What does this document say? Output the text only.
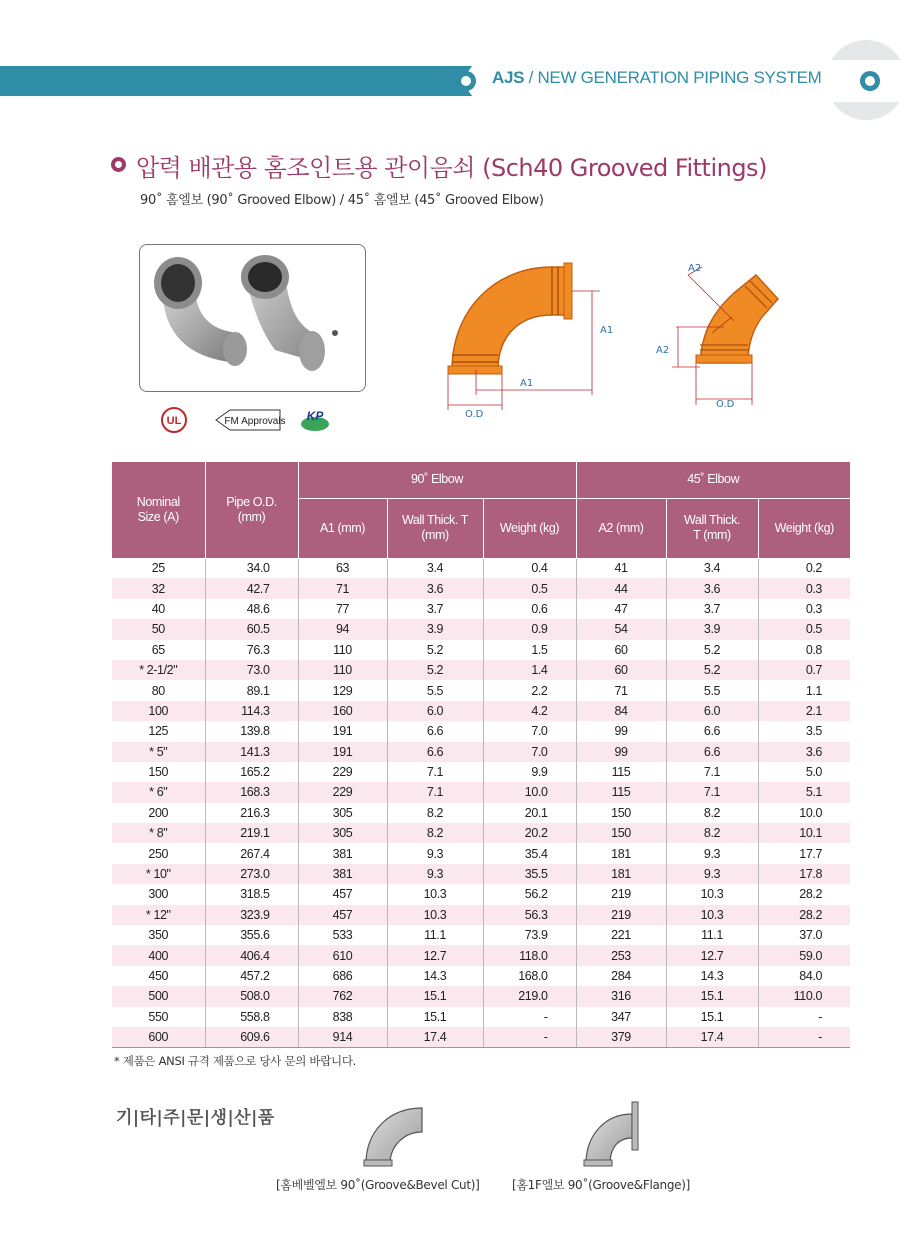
AJS / NEW GENERATION PIPING SYSTEM
압력 배관용 홈조인트용 관이음쇠 (Sch40 Grooved Fittings)
90˚ 홈엘보 (90˚ Grooved Elbow) / 45˚ 홈엘보 (45˚ Grooved Elbow)
UL	FM Approvals KP
A1
A1
O.D
A2
A2
O.D
Nominal Size (A)	Pipe O.D. (mm)	90˚ Elbow			45˚ Elbow		
		A1 (mm)	Wall Thick. T (mm)	Weight (kg)	A2 (mm)	Wall Thick. T (mm)	Weight (kg)
25	34.0	63	3.4	0.4	41	3.4	0.2
32	42.7	71	3.6	0.5	44	3.6	0.3
40	48.6	77	3.7	0.6	47	3.7	0.3
50	60.5	94	3.9	0.9	54	3.9	0.5
65	76.3	110	5.2	1.5	60	5.2	0.8
* 2-1/2"	73.0	110	5.2	1.4	60	5.2	0.7
80	89.1	129	5.5	2.2	71	5.5	1.1
100	114.3	160	6.0	4.2	84	6.0	2.1
125	139.8	191	6.6	7.0	99	6.6	3.5
* 5"	141.3	191	6.6	7.0	99	6.6	3.6
150	165.2	229	7.1	9.9	115	7.1	5.0
* 6"	168.3	229	7.1	10.0	115	7.1	5.1
200	216.3	305	8.2	20.1	150	8.2	10.0
* 8"	219.1	305	8.2	20.2	150	8.2	10.1
250	267.4	381	9.3	35.4	181	9.3	17.7
* 10"	273.0	381	9.3	35.5	181	9.3	17.8
300	318.5	457	10.3	56.2	219	10.3	28.2
* 12"	323.9	457	10.3	56.3	219	10.3	28.2
350	355.6	533	11.1	73.9	221	11.1	37.0
400	406.4	610	12.7	118.0	253	12.7	59.0
450	457.2	686	14.3	168.0	284	14.3	84.0
500	508.0	762	15.1	219.0	316	15.1	110.0
550	558.8	838	15.1	-	347	15.1	-
600	609.6	914	17.4	-	379	17.4	-
* 제품은 ANSI 규격 제품으로 당사 문의 바랍니다.
기|타|주|문|생|산|품
[홈베벨엘보 90˚(Groove&Bevel Cut)]	[홈1F엘보 90˚(Groove&Flange)]
